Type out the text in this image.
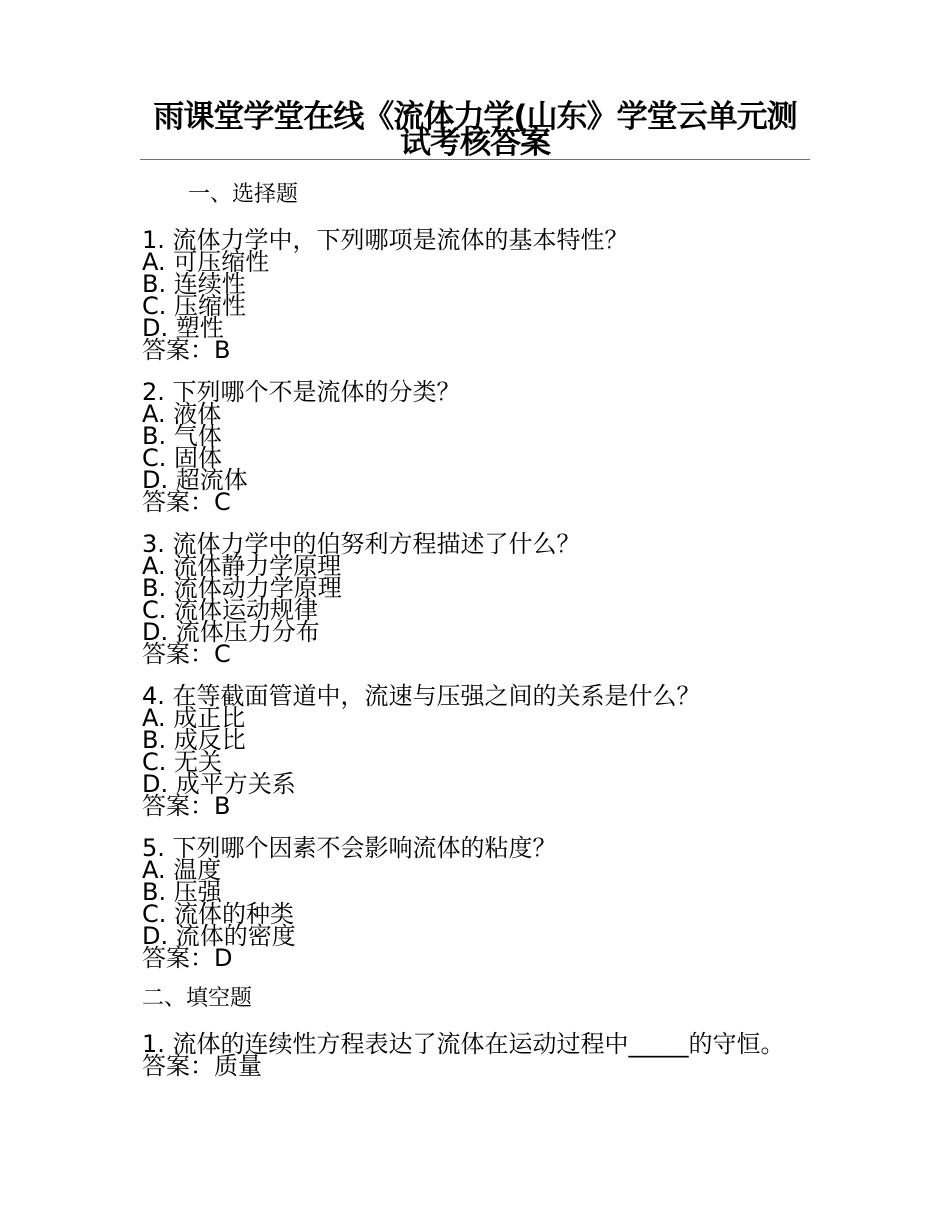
雨课堂学堂在线《流体力学(山东》学堂云单元测试考核答案
一、选择题
1. 流体力学中，下列哪项是流体的基本特性？
A. 可压缩性
B. 连续性
C. 压缩性
D. 塑性
答案：B
2. 下列哪个不是流体的分类？
A. 液体
B. 气体
C. 固体
D. 超流体
答案：C
3. 流体力学中的伯努利方程描述了什么？
A. 流体静力学原理
B. 流体动力学原理
C. 流体运动规律
D. 流体压力分布
答案：C
4. 在等截面管道中，流速与压强之间的关系是什么？
A. 成正比
B. 成反比
C. 无关
D. 成平方关系
答案：B
5. 下列哪个因素不会影响流体的粘度？
A. 温度
B. 压强
C. 流体的种类
D. 流体的密度
答案：D
二、填空题
1. 流体的连续性方程表达了流体在运动过程中_____的守恒。
答案：质量
